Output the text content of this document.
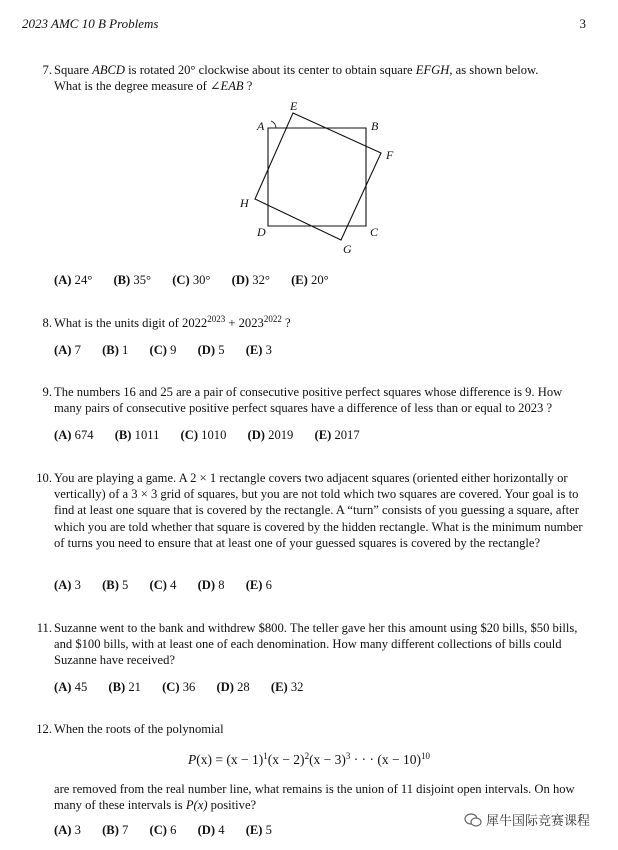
2023 AMC 10 B Problems	3
7. Square ABCD is rotated 20° clockwise about its center to obtain square EFGH, as shown below.
What is the degree measure of ∠EAB ?
A	B
C
D
E
F
G
H
(A) 24° (B) 35° (C) 30° (D) 32° (E) 20°
8. What is the units digit of $2022^{2023} + 2023^{2022}$ ?
(A) 7 (B) 1 (C) 9 (D) 5 (E) 3
9. The numbers 16 and 25 are a pair of consecutive positive perfect squares whose difference is 9. How many pairs of consecutive positive perfect squares have a difference of less than or equal to 2023 ?
(A) 674 (B) 1011 (C) 1010 (D) 2019 (E) 2017
10. You are playing a game. A 2 × 1 rectangle covers two adjacent squares (oriented either horizontally or vertically) of a 3 × 3 grid of squares, but you are not told which two squares are covered. Your goal is to find at least one square that is covered by the rectangle. A “turn” consists of you guessing a square, after which you are told whether that square is covered by the hidden rectangle. What is the minimum number of turns you need to ensure that at least one of your guessed squares is covered by the rectangle?
(A) 3 (B) 5 (C) 4 (D) 8 (E) 6
11. Suzanne went to the bank and withdrew $800. The teller gave her this amount using $20 bills, $50 bills, and $100 bills, with at least one of each denomination. How many different collections of bills could Suzanne have received?
(A) 45 (B) 21 (C) 36 (D) 28 (E) 32
12. When the roots of the polynomial
$P(x) = (x - 1)^1(x - 2)^2(x - 3)^3$ · · · $(x - 10)^{10}$
are removed from the real number line, what remains is the union of 11 disjoint open intervals. On how many of these intervals is P(x) positive?
(A) 3 (B) 7 (C) 6 (D) 4 (E) 5
犀牛国际竞赛课程
